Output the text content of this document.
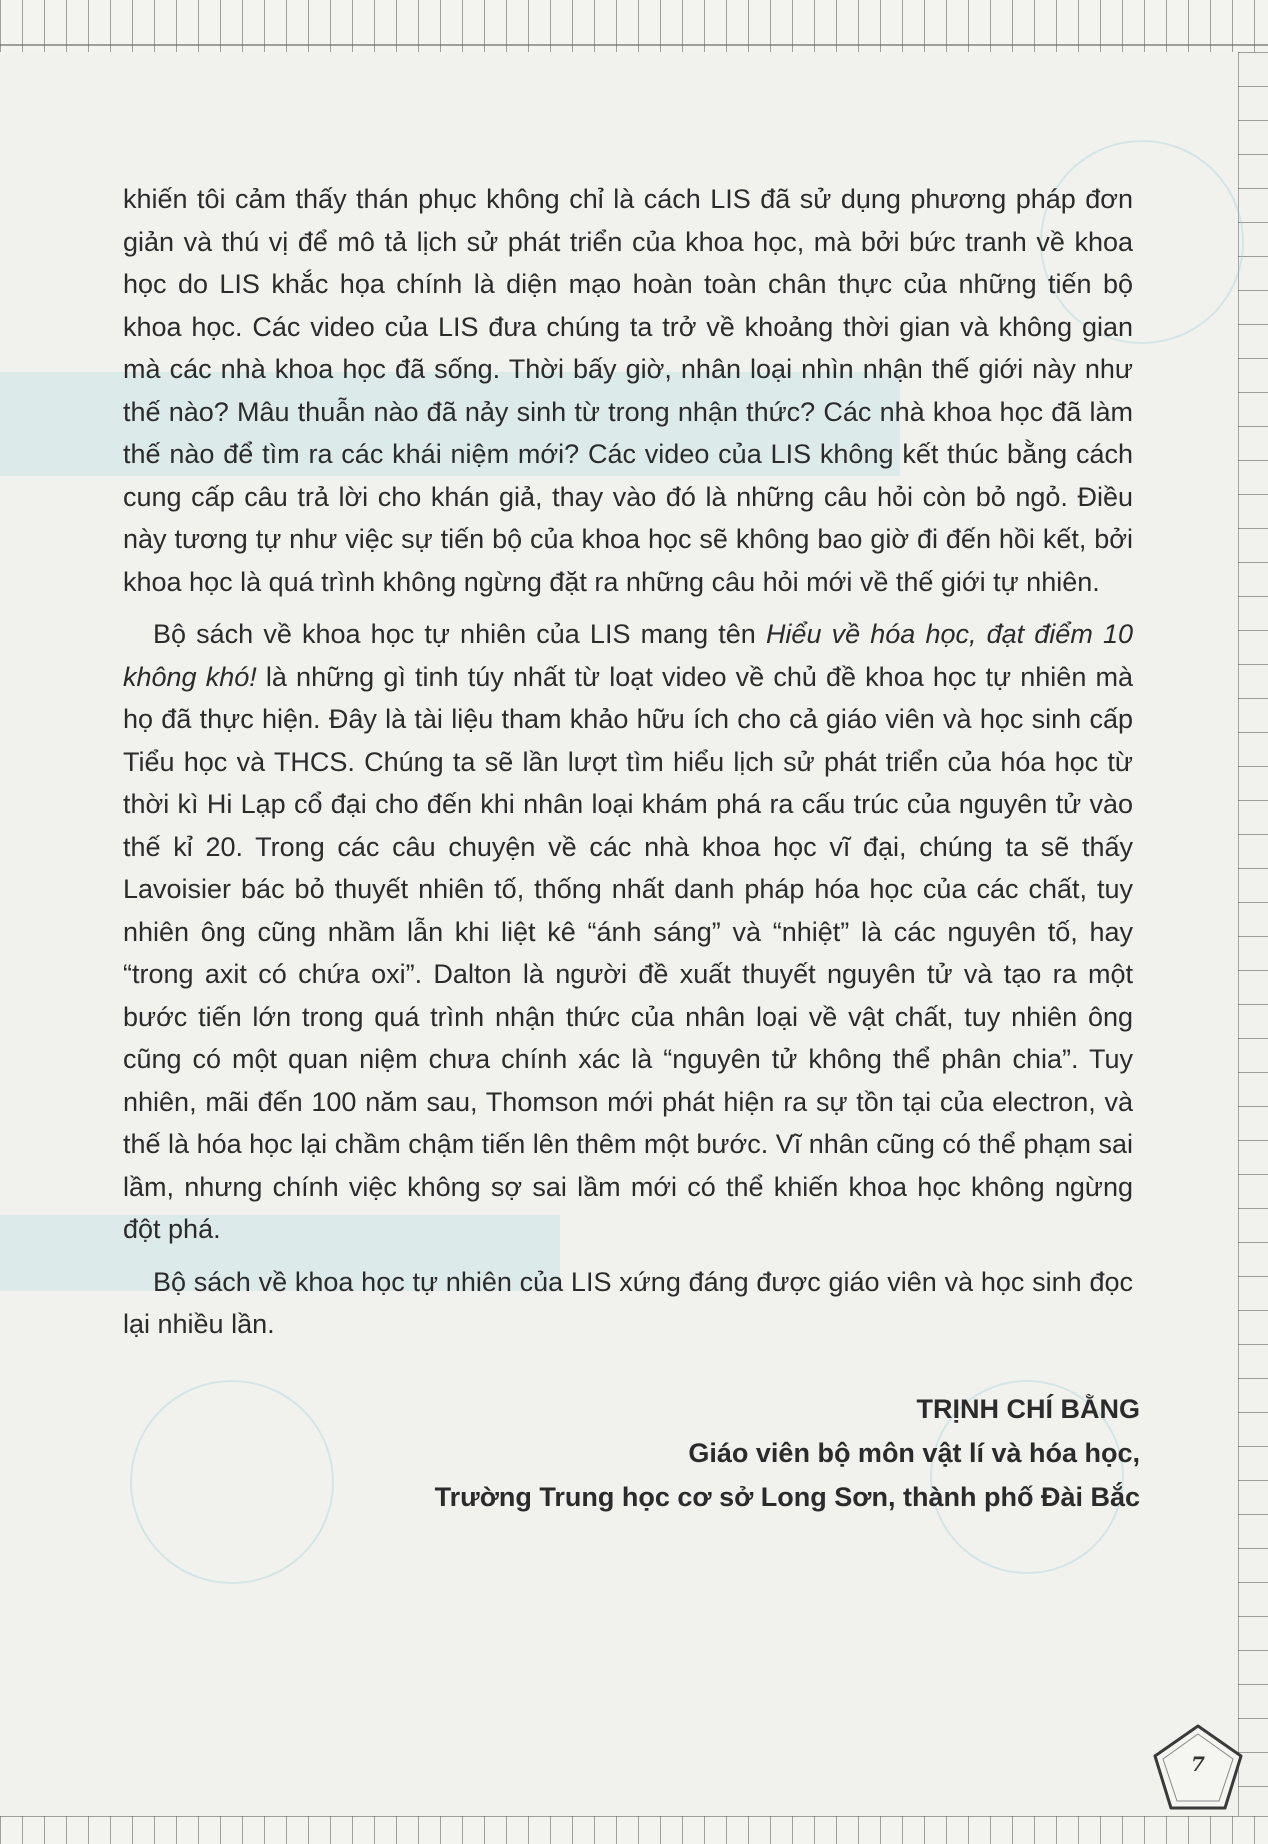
khiến tôi cảm thấy thán phục không chỉ là cách LIS đã sử dụng phương pháp đơn giản và thú vị để mô tả lịch sử phát triển của khoa học, mà bởi bức tranh về khoa học do LIS khắc họa chính là diện mạo hoàn toàn chân thực của những tiến bộ khoa học. Các video của LIS đưa chúng ta trở về khoảng thời gian và không gian mà các nhà khoa học đã sống. Thời bấy giờ, nhân loại nhìn nhận thế giới này như thế nào? Mâu thuẫn nào đã nảy sinh từ trong nhận thức? Các nhà khoa học đã làm thế nào để tìm ra các khái niệm mới? Các video của LIS không kết thúc bằng cách cung cấp câu trả lời cho khán giả, thay vào đó là những câu hỏi còn bỏ ngỏ. Điều này tương tự như việc sự tiến bộ của khoa học sẽ không bao giờ đi đến hồi kết, bởi khoa học là quá trình không ngừng đặt ra những câu hỏi mới về thế giới tự nhiên.

Bộ sách về khoa học tự nhiên của LIS mang tên Hiểu về hóa học, đạt điểm 10 không khó! là những gì tinh túy nhất từ loạt video về chủ đề khoa học tự nhiên mà họ đã thực hiện. Đây là tài liệu tham khảo hữu ích cho cả giáo viên và học sinh cấp Tiểu học và THCS. Chúng ta sẽ lần lượt tìm hiểu lịch sử phát triển của hóa học từ thời kì Hi Lạp cổ đại cho đến khi nhân loại khám phá ra cấu trúc của nguyên tử vào thế kỉ 20. Trong các câu chuyện về các nhà khoa học vĩ đại, chúng ta sẽ thấy Lavoisier bác bỏ thuyết nhiên tố, thống nhất danh pháp hóa học của các chất, tuy nhiên ông cũng nhầm lẫn khi liệt kê “ánh sáng” và “nhiệt” là các nguyên tố, hay “trong axit có chứa oxi”. Dalton là người đề xuất thuyết nguyên tử và tạo ra một bước tiến lớn trong quá trình nhận thức của nhân loại về vật chất, tuy nhiên ông cũng có một quan niệm chưa chính xác là “nguyên tử không thể phân chia”. Tuy nhiên, mãi đến 100 năm sau, Thomson mới phát hiện ra sự tồn tại của electron, và thế là hóa học lại chầm chậm tiến lên thêm một bước. Vĩ nhân cũng có thể phạm sai lầm, nhưng chính việc không sợ sai lầm mới có thể khiến khoa học không ngừng đột phá.

Bộ sách về khoa học tự nhiên của LIS xứng đáng được giáo viên và học sinh đọc lại nhiều lần.

TRỊNH CHÍ BẰNG
Giáo viên bộ môn vật lí và hóa học,
Trường Trung học cơ sở Long Sơn, thành phố Đài Bắc
7
